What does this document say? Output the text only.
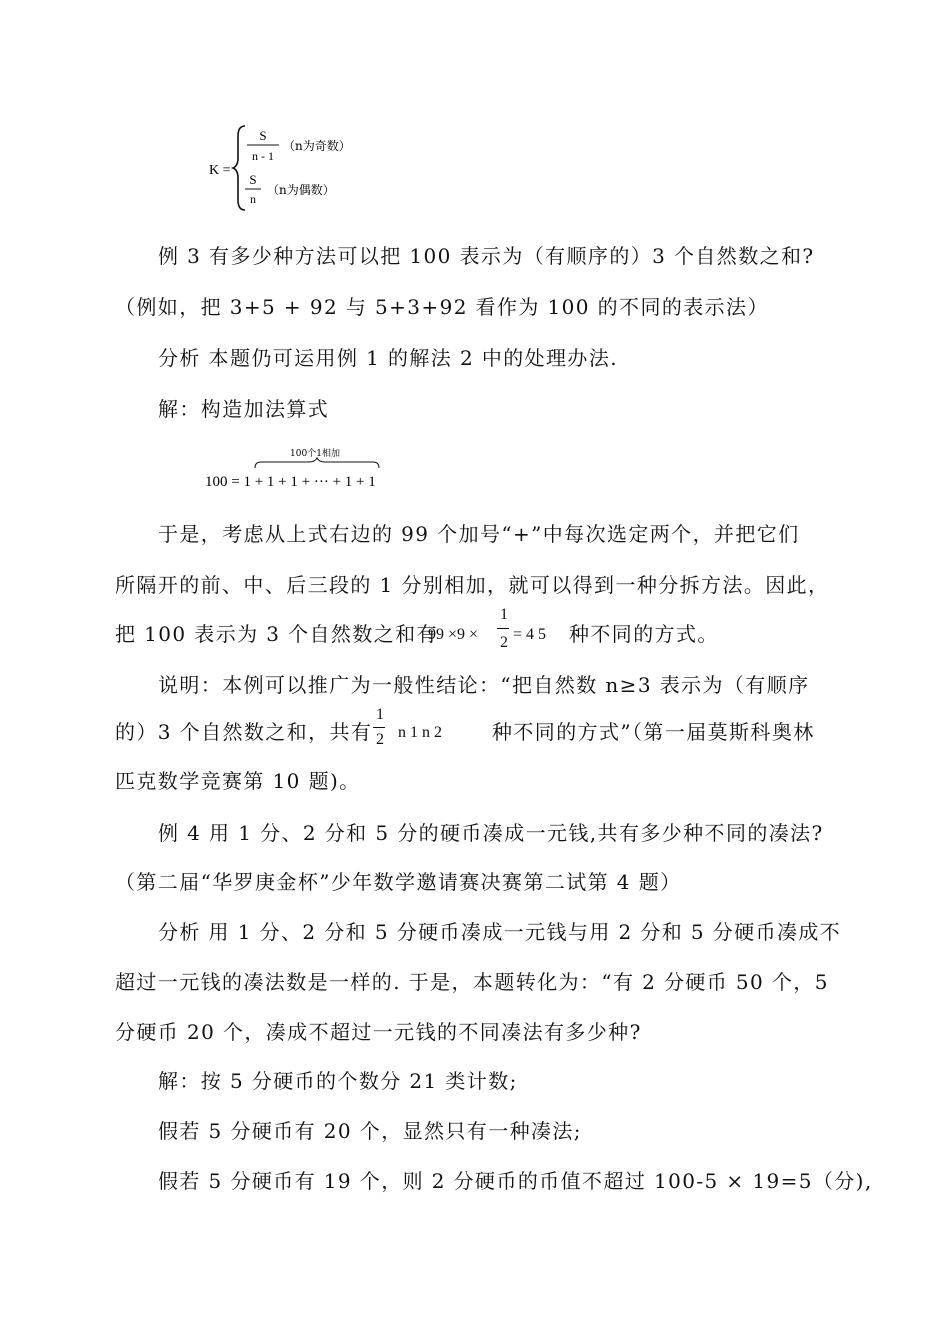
K =
S
n - 1
（n为奇数）
S
n
（n为偶数）
例 3 有多少种方法可以把 100 表示为（有顺序的）3 个自然数之和?
（例如，把 3+5 + 92 与 5+3+92 看作为 100 的不同的表示法）
分析 本题仍可运用例 1 的解法 2 中的处理办法.
解：构造加法算式
100个1相加
100 = 1 + 1 + 1 + ··· + 1 + 1
于是，考虑从上式右边的 99 个加号“+”中每次选定两个，并把它们
所隔开的前、中、后三段的 1 分别相加，就可以得到一种分拆方法。因此，
把 100 表示为 3 个自然数之和有
99 ×9 ×
1
2 = 4 5 种不同的方式。
说明：本例可以推广为一般性结论：“把自然数 n≥3 表示为（有顺序
的）3 个自然数之和，共有
1
2 n 1 n 2	种不同的方式”（第一届莫斯科奥林
匹克数学竞赛第 10 题)。
例 4 用 1 分、2 分和 5 分的硬币凑成一元钱,共有多少种不同的凑法?
（第二届“华罗庚金杯”少年数学邀请赛决赛第二试第 4 题）
分析 用 1 分、2 分和 5 分硬币凑成一元钱与用 2 分和 5 分硬币凑成不
超过一元钱的凑法数是一样的. 于是，本题转化为：“有 2 分硬币 50 个，5
分硬币 20 个，凑成不超过一元钱的不同凑法有多少种?
解：按 5 分硬币的个数分 21 类计数;
假若 5 分硬币有 20 个，显然只有一种凑法;
假若 5 分硬币有 19 个，则 2 分硬币的币值不超过 100-5 × 19=5（分),
